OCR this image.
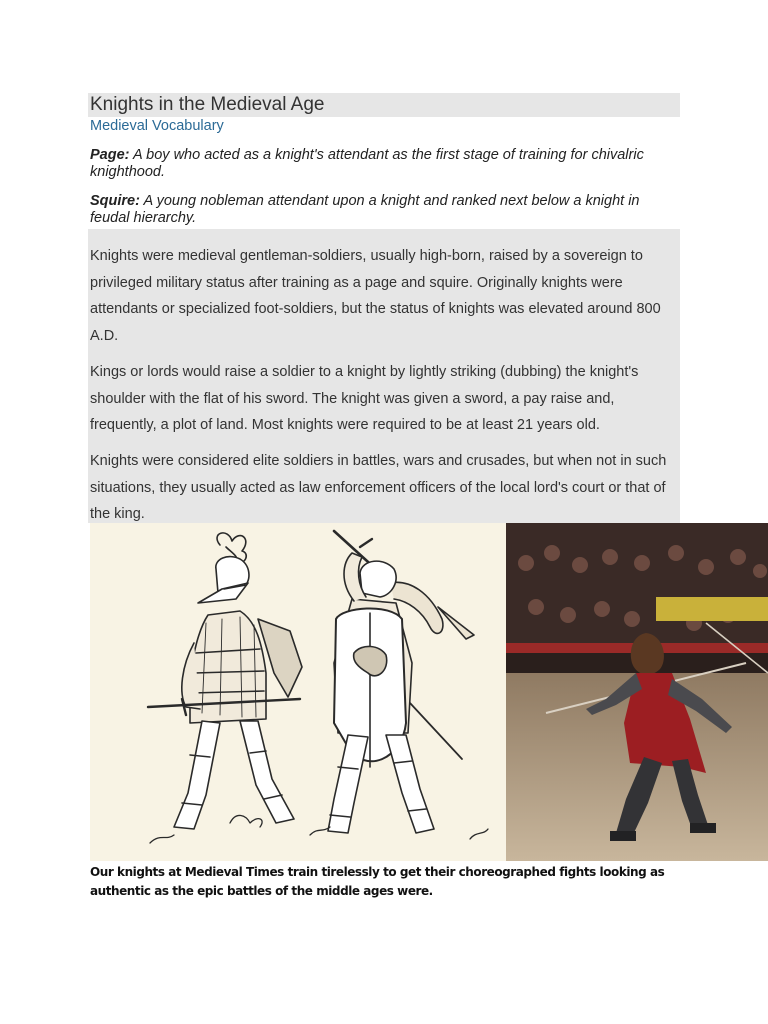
Knights in the Medieval Age
Medieval Vocabulary
Page: A boy who acted as a knight's attendant as the first stage of training for chivalric knighthood.
Squire: A young nobleman attendant upon a knight and ranked next below a knight in feudal hierarchy.

Knights were medieval gentleman-soldiers, usually high-born, raised by a sovereign to privileged military status after training as a page and squire. Originally knights were attendants or specialized foot-soldiers, but the status of knights was elevated around 800 A.D.

Kings or lords would raise a soldier to a knight by lightly striking (dubbing) the knight's shoulder with the flat of his sword. The knight was given a sword, a pay raise and, frequently, a plot of land. Most knights were required to be at least 21 years old.

Knights were considered elite soldiers in battles, wars and crusades, but when not in such situations, they usually acted as law enforcement officers of the local lord's court or that of the king.

Our knights at Medieval Times train tirelessly to get their choreographed fights looking as authentic as the epic battles of the middle ages were.
